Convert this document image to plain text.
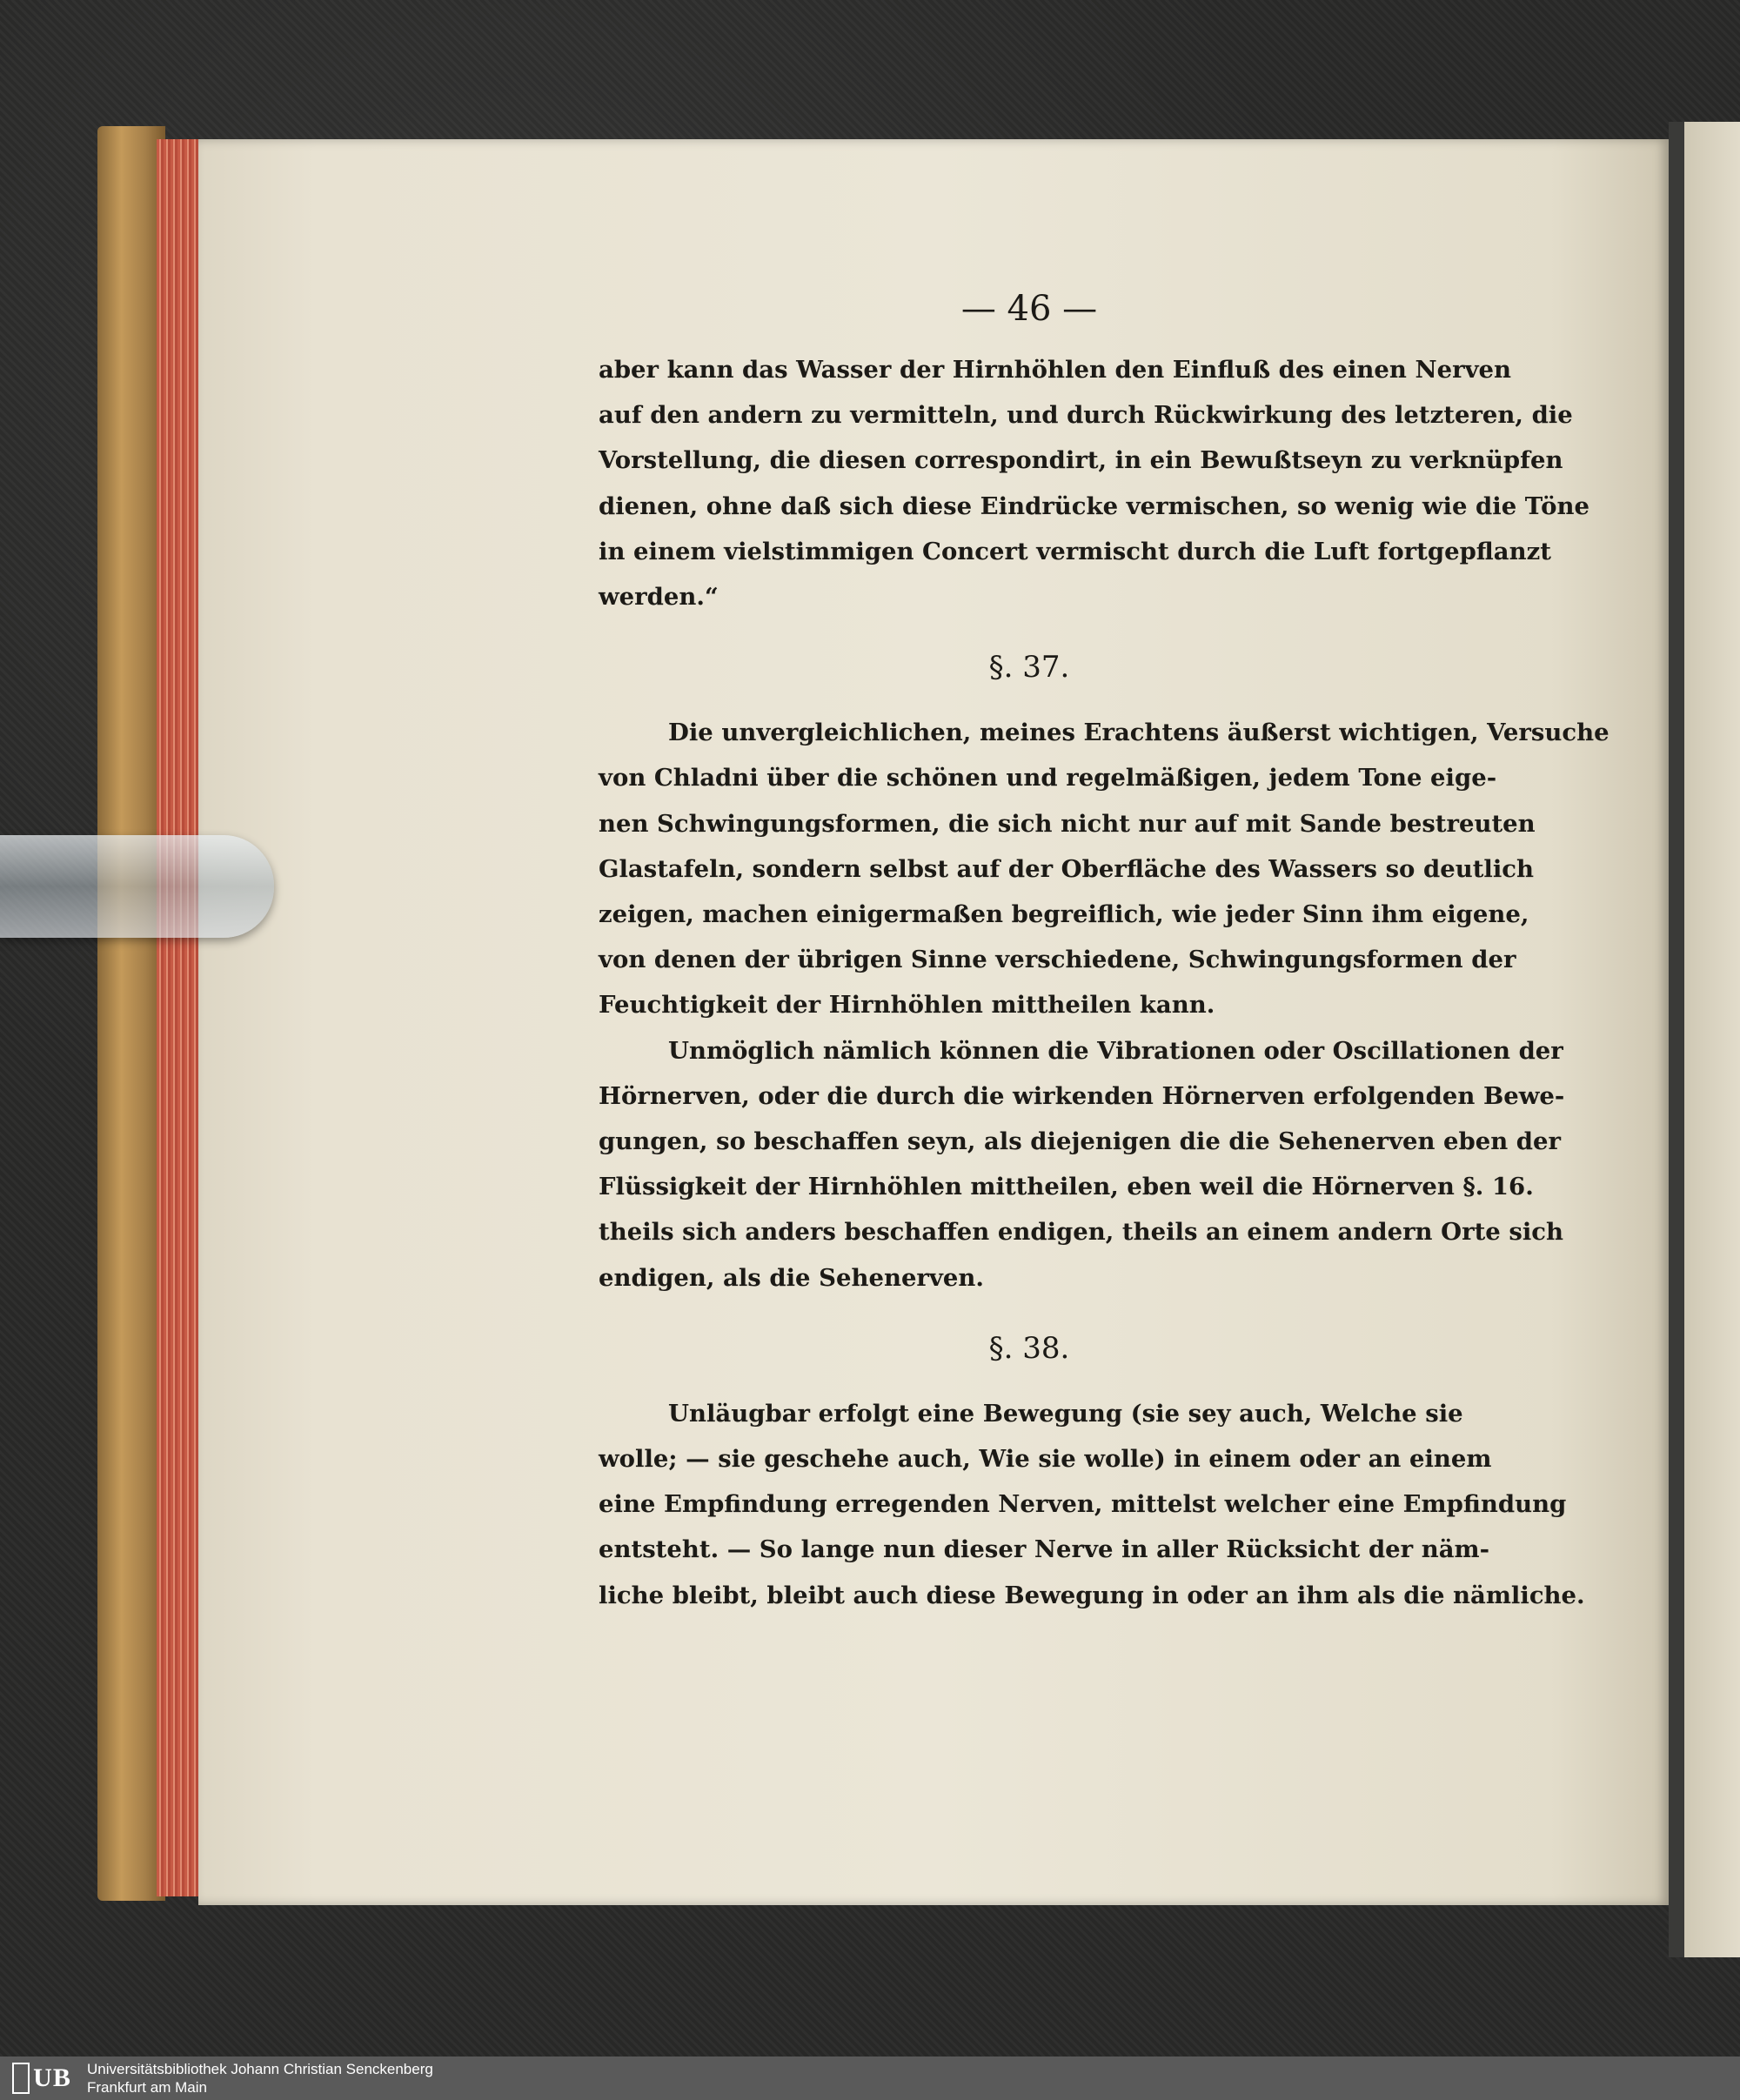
— 46 —
aber kann das Wasser der Hirnhöhlen den Einfluß des einen Nerven
auf den andern zu vermitteln, und durch Rückwirkung des letzteren, die
Vorstellung, die diesen correspondirt, in ein Bewußtseyn zu verknüpfen
dienen, ohne daß sich diese Eindrücke vermischen, so wenig wie die Töne
in einem vielstimmigen Concert vermischt durch die Luft fortgepflanzt
werden.“
§. 37.
Die unvergleichlichen, meines Erachtens äußerst wichtigen, Versuche
von Chladni über die schönen und regelmäßigen, jedem Tone eige-
nen Schwingungsformen, die sich nicht nur auf mit Sande bestreuten
Glastafeln, sondern selbst auf der Oberfläche des Wassers so deutlich
zeigen, machen einigermaßen begreiflich, wie jeder Sinn ihm eigene,
von denen der übrigen Sinne verschiedene, Schwingungsformen der
Feuchtigkeit der Hirnhöhlen mittheilen kann.
Unmöglich nämlich können die Vibrationen oder Oscillationen der
Hörnerven, oder die durch die wirkenden Hörnerven erfolgenden Bewe-
gungen, so beschaffen seyn, als diejenigen die die Sehenerven eben der
Flüssigkeit der Hirnhöhlen mittheilen, eben weil die Hörnerven §. 16.
theils sich anders beschaffen endigen, theils an einem andern Orte sich
endigen, als die Sehenerven.
§. 38.
Unläugbar erfolgt eine Bewegung (sie sey auch, Welche sie
wolle; — sie geschehe auch, Wie sie wolle) in einem oder an einem
eine Empfindung erregenden Nerven, mittelst welcher eine Empfindung
entsteht. — So lange nun dieser Nerve in aller Rücksicht der näm-
liche bleibt, bleibt auch diese Bewegung in oder an ihm als die nämliche.
UB Universitätsbibliothek Johann Christian Senckenberg
Frankfurt am Main
